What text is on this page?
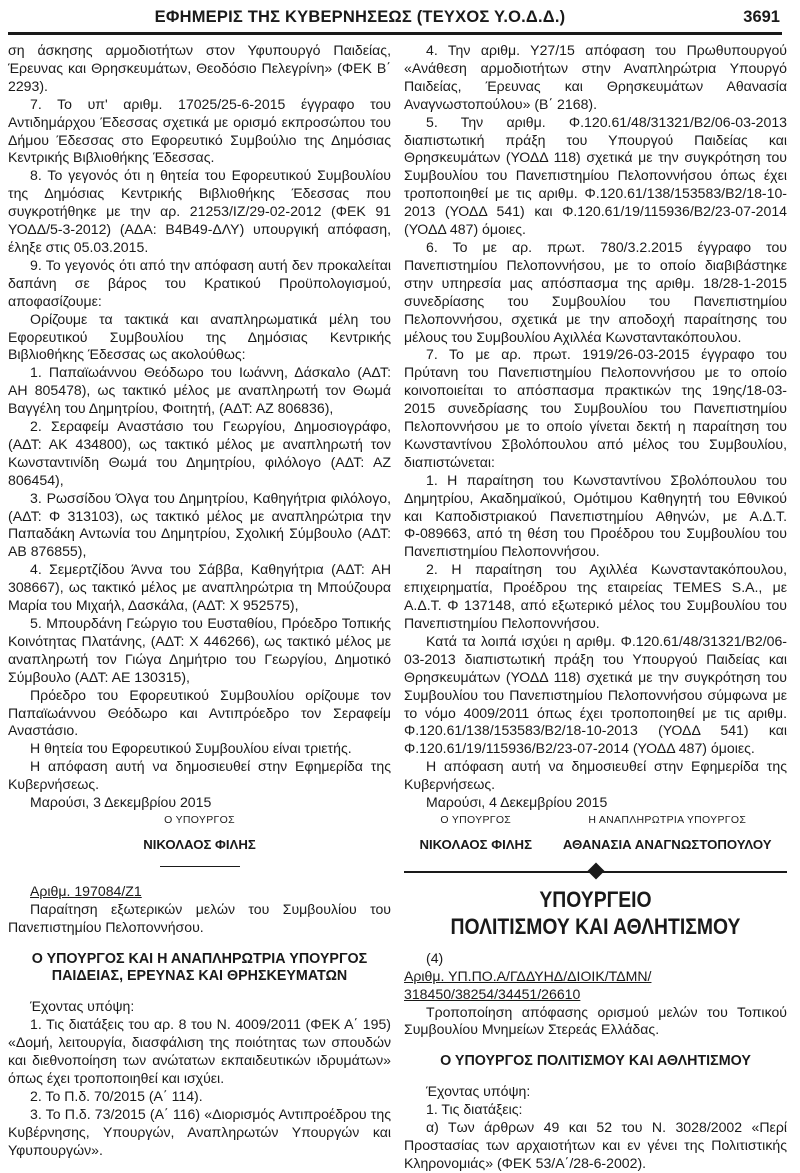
ΕΦΗΜΕΡΙΣ ΤΗΣ ΚΥΒΕΡΝΗΣΕΩΣ (ΤΕΥΧΟΣ Υ.Ο.Δ.Δ.)	3691

ση άσκησης αρμοδιοτήτων στον Υφυπουργό Παιδείας, Έρευνας και Θρησκευμάτων, Θεοδόσιο Πελεγρίνη» (ΦΕΚ Β΄ 2293).

7. Το υπ' αριθμ. 17025/25-6-2015 έγγραφο του Αντιδημάρχου Έδεσσας σχετικά με ορισμό εκπροσώπου του Δήμου Έδεσσας στο Εφορευτικό Συμβούλιο της Δημόσιας Κεντρικής Βιβλιοθήκης Έδεσσας.

8. Το γεγονός ότι η θητεία του Εφορευτικού Συμβουλίου της Δημόσιας Κεντρικής Βιβλιοθήκης Έδεσσας που συγκροτήθηκε με την αρ. 21253/ΙΖ/29-02-2012 (ΦΕΚ 91 ΥΟΔΔ/5-3-2012) (ΑΔΑ: Β4Β49-ΔΛΥ) υπουργική απόφαση, έληξε στις 05.03.2015.

9. Το γεγονός ότι από την απόφαση αυτή δεν προκαλείται δαπάνη σε βάρος του Κρατικού Προϋπολογισμού, αποφασίζουμε:

Ορίζουμε τα τακτικά και αναπληρωματικά μέλη του Εφορευτικού Συμβουλίου της Δημόσιας Κεντρικής Βιβλιοθήκης Έδεσσας ως ακολούθως:

1. Παπαϊωάννου Θεόδωρο του Ιωάννη, Δάσκαλο (ΑΔΤ: ΑΗ 805478), ως τακτικό μέλος με αναπληρωτή τον Θωμά Βαγγέλη του Δημητρίου, Φοιτητή, (ΑΔΤ: ΑΖ 806836),

2. Σεραφείμ Αναστάσιο του Γεωργίου, Δημοσιογράφο, (ΑΔΤ: ΑΚ 434800), ως τακτικό μέλος με αναπληρωτή τον Κωνσταντινίδη Θωμά του Δημητρίου, φιλόλογο (ΑΔΤ: ΑΖ 806454),

3. Ρωσσίδου Όλγα του Δημητρίου, Καθηγήτρια φιλόλογο, (ΑΔΤ: Φ 313103), ως τακτικό μέλος με αναπληρώτρια την Παπαδάκη Αντωνία του Δημητρίου, Σχολική Σύμβουλο (ΑΔΤ: ΑΒ 876855),

4. Σεμερτζίδου Άννα του Σάββα, Καθηγήτρια (ΑΔΤ: ΑΗ 308667), ως τακτικό μέλος με αναπληρώτρια τη Μπούζουρα Μαρία του Μιχαήλ, Δασκάλα, (ΑΔΤ: Χ 952575),

5. Μπουρδάνη Γεώργιο του Ευσταθίου, Πρόεδρο Τοπικής Κοινότητας Πλατάνης, (ΑΔΤ: Χ 446266), ως τακτικό μέλος με αναπληρωτή τον Γιώγα Δημήτριο του Γεωργίου, Δημοτικό Σύμβουλο (ΑΔΤ: ΑΕ 130315),

Πρόεδρο του Εφορευτικού Συμβουλίου ορίζουμε τον Παπαϊωάννου Θεόδωρο και Αντιπρόεδρο τον Σεραφείμ Αναστάσιο.

Η θητεία του Εφορευτικού Συμβουλίου είναι τριετής.

Η απόφαση αυτή να δημοσιευθεί στην Εφημερίδα της Κυβερνήσεως.

Μαρούσι, 3 Δεκεμβρίου 2015

Ο ΥΠΟΥΡΓΟΣ
ΝΙΚΟΛΑΟΣ ΦΙΛΗΣ

Αριθμ. 197084/Ζ1

Παραίτηση εξωτερικών μελών του Συμβουλίου του Πανεπιστημίου Πελοποννήσου.

Ο ΥΠΟΥΡΓΟΣ ΚΑΙ Η ΑΝΑΠΛΗΡΩΤΡΙΑ ΥΠΟΥΡΓΟΣ ΠΑΙΔΕΙΑΣ, ΕΡΕΥΝΑΣ ΚΑΙ ΘΡΗΣΚΕΥΜΑΤΩΝ

Έχοντας υπόψη:

1. Τις διατάξεις του αρ. 8 του Ν. 4009/2011 (ΦΕΚ Α΄ 195) «Δομή, λειτουργία, διασφάλιση της ποιότητας των σπουδών και διεθνοποίηση των ανώτατων εκπαιδευτικών ιδρυμάτων» όπως έχει τροποποιηθεί και ισχύει.

2. Το Π.δ. 70/2015 (Α΄ 114).

3. Το Π.δ. 73/2015 (Α΄ 116) «Διορισμός Αντιπροέδρου της Κυβέρνησης, Υπουργών, Αναπληρωτών Υπουργών και Υφυπουργών».

4. Την αριθμ. Υ27/15 απόφαση του Πρωθυπουργού «Ανάθεση αρμοδιοτήτων στην Αναπληρώτρια Υπουργό Παιδείας, Έρευνας και Θρησκευμάτων Αθανασία Αναγνωστοπούλου» (Β΄ 2168).

5. Την αριθμ. Φ.120.61/48/31321/Β2/06-03-2013 διαπιστωτική πράξη του Υπουργού Παιδείας και Θρησκευμάτων (ΥΟΔΔ 118) σχετικά με την συγκρότηση του Συμβουλίου του Πανεπιστημίου Πελοποννήσου όπως έχει τροποποιηθεί με τις αριθμ. Φ.120.61/138/153583/Β2/18-10-2013 (ΥΟΔΔ 541) και Φ.120.61/19/115936/Β2/23-07-2014 (ΥΟΔΔ 487) όμοιες.

6. Το με αρ. πρωτ. 780/3.2.2015 έγγραφο του Πανεπιστημίου Πελοποννήσου, με το οποίο διαβιβάστηκε στην υπηρεσία μας απόσπασμα της αριθμ. 18/28-1-2015 συνεδρίασης του Συμβουλίου του Πανεπιστημίου Πελοποννήσου, σχετικά με την αποδοχή παραίτησης του μέλους του Συμβουλίου Αχιλλέα Κωνσταντακόπουλου.

7. Το με αρ. πρωτ. 1919/26-03-2015 έγγραφο του Πρύτανη του Πανεπιστημίου Πελοποννήσου με το οποίο κοινοποιείται το απόσπασμα πρακτικών της 19ης/18-03- 2015 συνεδρίασης του Συμβουλίου του Πανεπιστημίου Πελοποννήσου με το οποίο γίνεται δεκτή η παραίτηση του Κωνσταντίνου Σβολόπουλου από μέλος του Συμβουλίου, διαπιστώνεται:

1. Η παραίτηση του Κωνσταντίνου Σβολόπουλου του Δημητρίου, Ακαδημαϊκού, Ομότιμου Καθηγητή του Εθνικού και Καποδιστριακού Πανεπιστημίου Αθηνών, με Α.Δ.Τ. Φ-089663, από τη θέση του Προέδρου του Συμβουλίου του Πανεπιστημίου Πελοποννήσου.

2. Η παραίτηση του Αχιλλέα Κωνσταντακόπουλου, επιχειρηματία, Προέδρου της εταιρείας TEMES S.A., με Α.Δ.Τ. Φ 137148, από εξωτερικό μέλος του Συμβουλίου του Πανεπιστημίου Πελοποννήσου.

Κατά τα λοιπά ισχύει η αριθμ. Φ.120.61/48/31321/Β2/06-03-2013 διαπιστωτική πράξη του Υπουργού Παιδείας και Θρησκευμάτων (ΥΟΔΔ 118) σχετικά με την συγκρότηση του Συμβουλίου του Πανεπιστημίου Πελοποννήσου σύμφωνα με το νόμο 4009/2011 όπως έχει τροποποιηθεί με τις αριθμ. Φ.120.61/138/153583/Β2/18-10-2013 (ΥΟΔΔ 541) και Φ.120.61/19/115936/Β2/23-07-2014 (ΥΟΔΔ 487) όμοιες.

Η απόφαση αυτή να δημοσιευθεί στην Εφημερίδα της Κυβερνήσεως.

Μαρούσι, 4 Δεκεμβρίου 2015

Ο ΥΠΟΥΡΓΟΣ
ΝΙΚΟΛΑΟΣ ΦΙΛΗΣ
Η ΑΝΑΠΛΗΡΩΤΡΙΑ ΥΠΟΥΡΓΟΣ
ΑΘΑΝΑΣΙΑ ΑΝΑΓΝΩΣΤΟΠΟΥΛΟΥ
ΥΠΟΥΡΓΕΙΟ
ΠΟΛΙΤΙΣΜΟΥ ΚΑΙ ΑΘΛΗΤΙΣΜΟΥ

(4)

Αριθμ. ΥΠ.ΠΟ.Α/ΓΔΔΥΗΔ/ΔΙΟΙΚ/ΤΔΜΝ/
318450/38254/34451/26610

Τροποποίηση απόφασης ορισμού μελών του Τοπικού Συμβουλίου Μνημείων Στερεάς Ελλάδας.

Ο ΥΠΟΥΡΓΟΣ ΠΟΛΙΤΙΣΜΟΥ ΚΑΙ ΑΘΛΗΤΙΣΜΟΥ

Έχοντας υπόψη:

1. Τις διατάξεις:

α) Των άρθρων 49 και 52 του Ν. 3028/2002 «Περί Προστασίας των αρχαιοτήτων και εν γένει της Πολιτιστικής Κληρονομιάς» (ΦΕΚ 53/Α΄/28-6-2002).
